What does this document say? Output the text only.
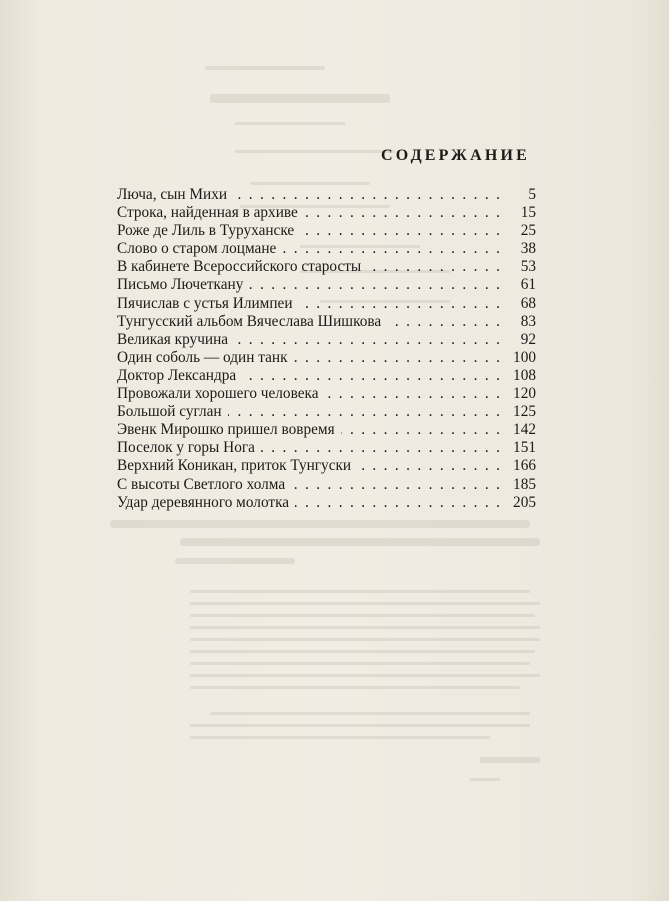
СОДЕРЖАНИЕ
Люча, сын Михи . . .	5
Строка, найденная в архиве . . .	15
Роже де Лиль в Туруханске . . .	25
Слово о старом лоцмане . . .	38
В кабинете Всероссийского старосты . . .	53
Письмо Лючеткану . . .	61
Пячислав с устья Илимпеи . . .	68
Тунгусский альбом Вячеслава Шишкова . . .	83
Великая кручина . . .	92
Один соболь — один танк . . .	100
Доктор Лександра . . .	108
Провожали хорошего человека . . .	120
Большой суглан . . .	125
Эвенк Мирошко пришел вовремя . . .	142
Поселок у горы Нога . . .	151
Верхний Коникан, приток Тунгуски . . .	166
С высоты Светлого холма . . .	185
Удар деревянного молотка . . .	205
